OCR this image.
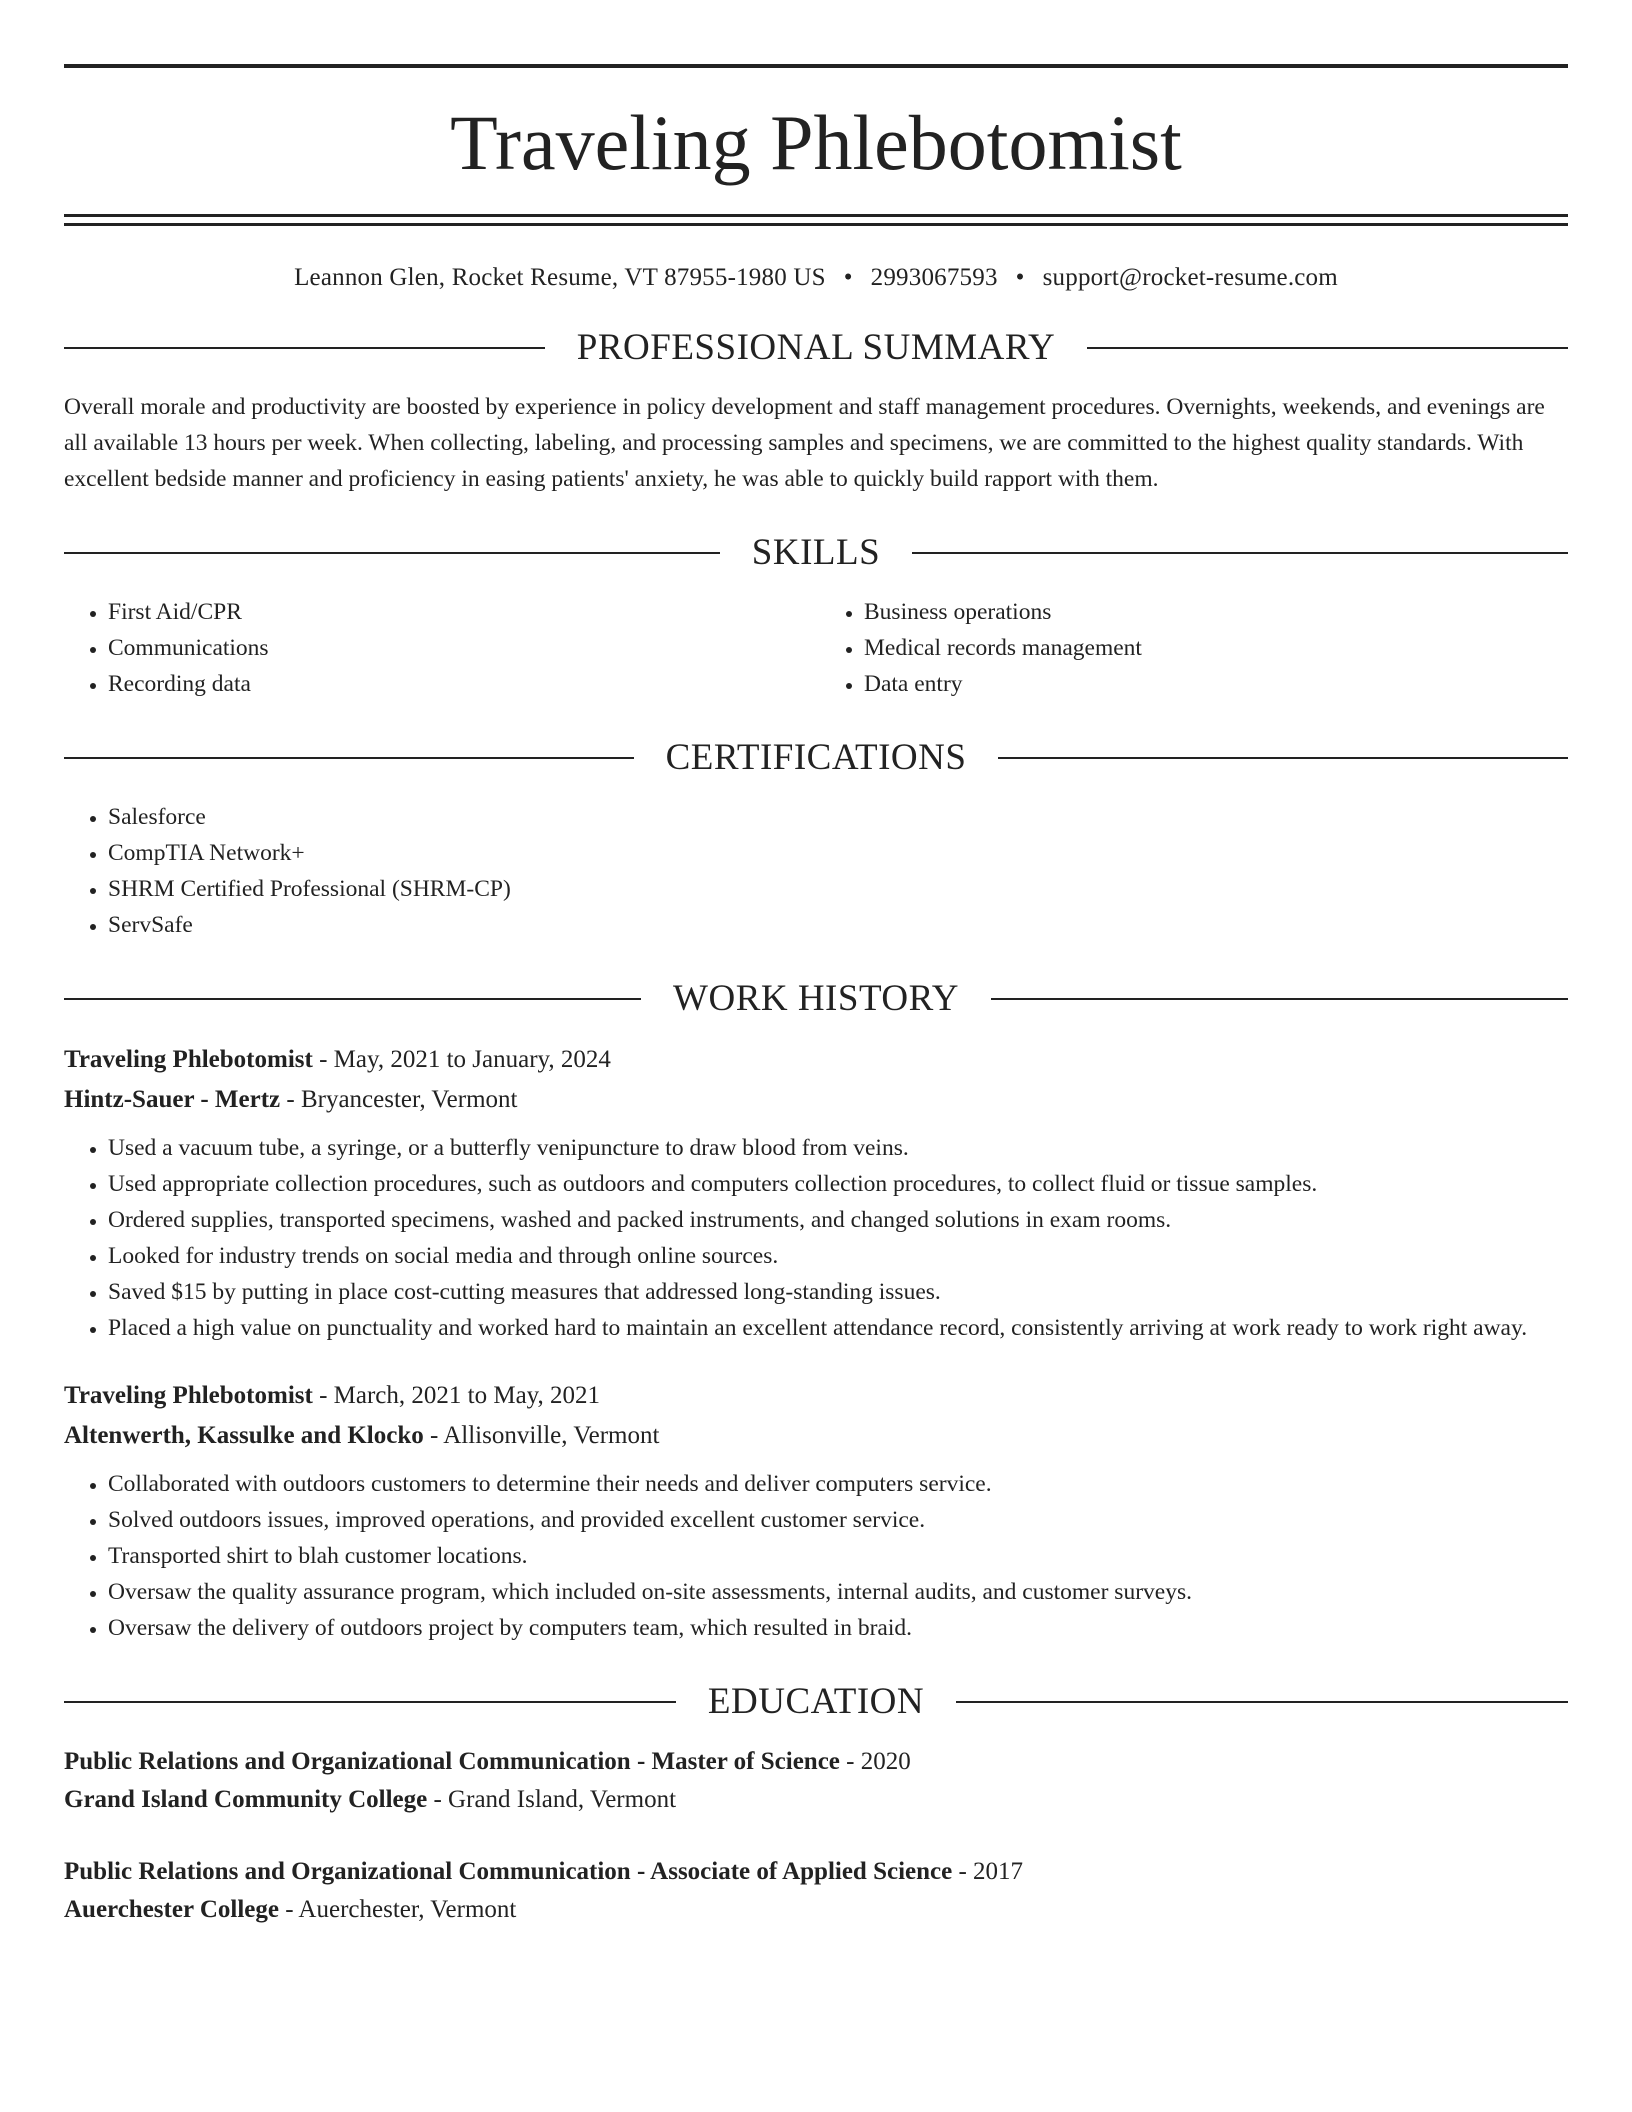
Traveling Phlebotomist
Leannon Glen, Rocket Resume, VT 87955-1980 US • 2993067593 • support@rocket-resume.com
PROFESSIONAL SUMMARY
Overall morale and productivity are boosted by experience in policy development and staff management procedures. Overnights, weekends, and evenings are all available 13 hours per week. When collecting, labeling, and processing samples and specimens, we are committed to the highest quality standards. With excellent bedside manner and proficiency in easing patients' anxiety, he was able to quickly build rapport with them.
SKILLS
• First Aid/CPR
• Communications
• Recording data
• Business operations
• Medical records management
• Data entry
CERTIFICATIONS
• Salesforce
• CompTIA Network+
• SHRM Certified Professional (SHRM-CP)
• ServSafe
WORK HISTORY
Traveling Phlebotomist - May, 2021 to January, 2024
Hintz-Sauer - Mertz - Bryancester, Vermont
• Used a vacuum tube, a syringe, or a butterfly venipuncture to draw blood from veins.
• Used appropriate collection procedures, such as outdoors and computers collection procedures, to collect fluid or tissue samples.
• Ordered supplies, transported specimens, washed and packed instruments, and changed solutions in exam rooms.
• Looked for industry trends on social media and through online sources.
• Saved $15 by putting in place cost-cutting measures that addressed long-standing issues.
• Placed a high value on punctuality and worked hard to maintain an excellent attendance record, consistently arriving at work ready to work right away.
Traveling Phlebotomist - March, 2021 to May, 2021
Altenwerth, Kassulke and Klocko - Allisonville, Vermont
• Collaborated with outdoors customers to determine their needs and deliver computers service.
• Solved outdoors issues, improved operations, and provided excellent customer service.
• Transported shirt to blah customer locations.
• Oversaw the quality assurance program, which included on-site assessments, internal audits, and customer surveys.
• Oversaw the delivery of outdoors project by computers team, which resulted in braid.
EDUCATION
Public Relations and Organizational Communication - Master of Science - 2020
Grand Island Community College - Grand Island, Vermont
Public Relations and Organizational Communication - Associate of Applied Science - 2017
Auerchester College - Auerchester, Vermont
